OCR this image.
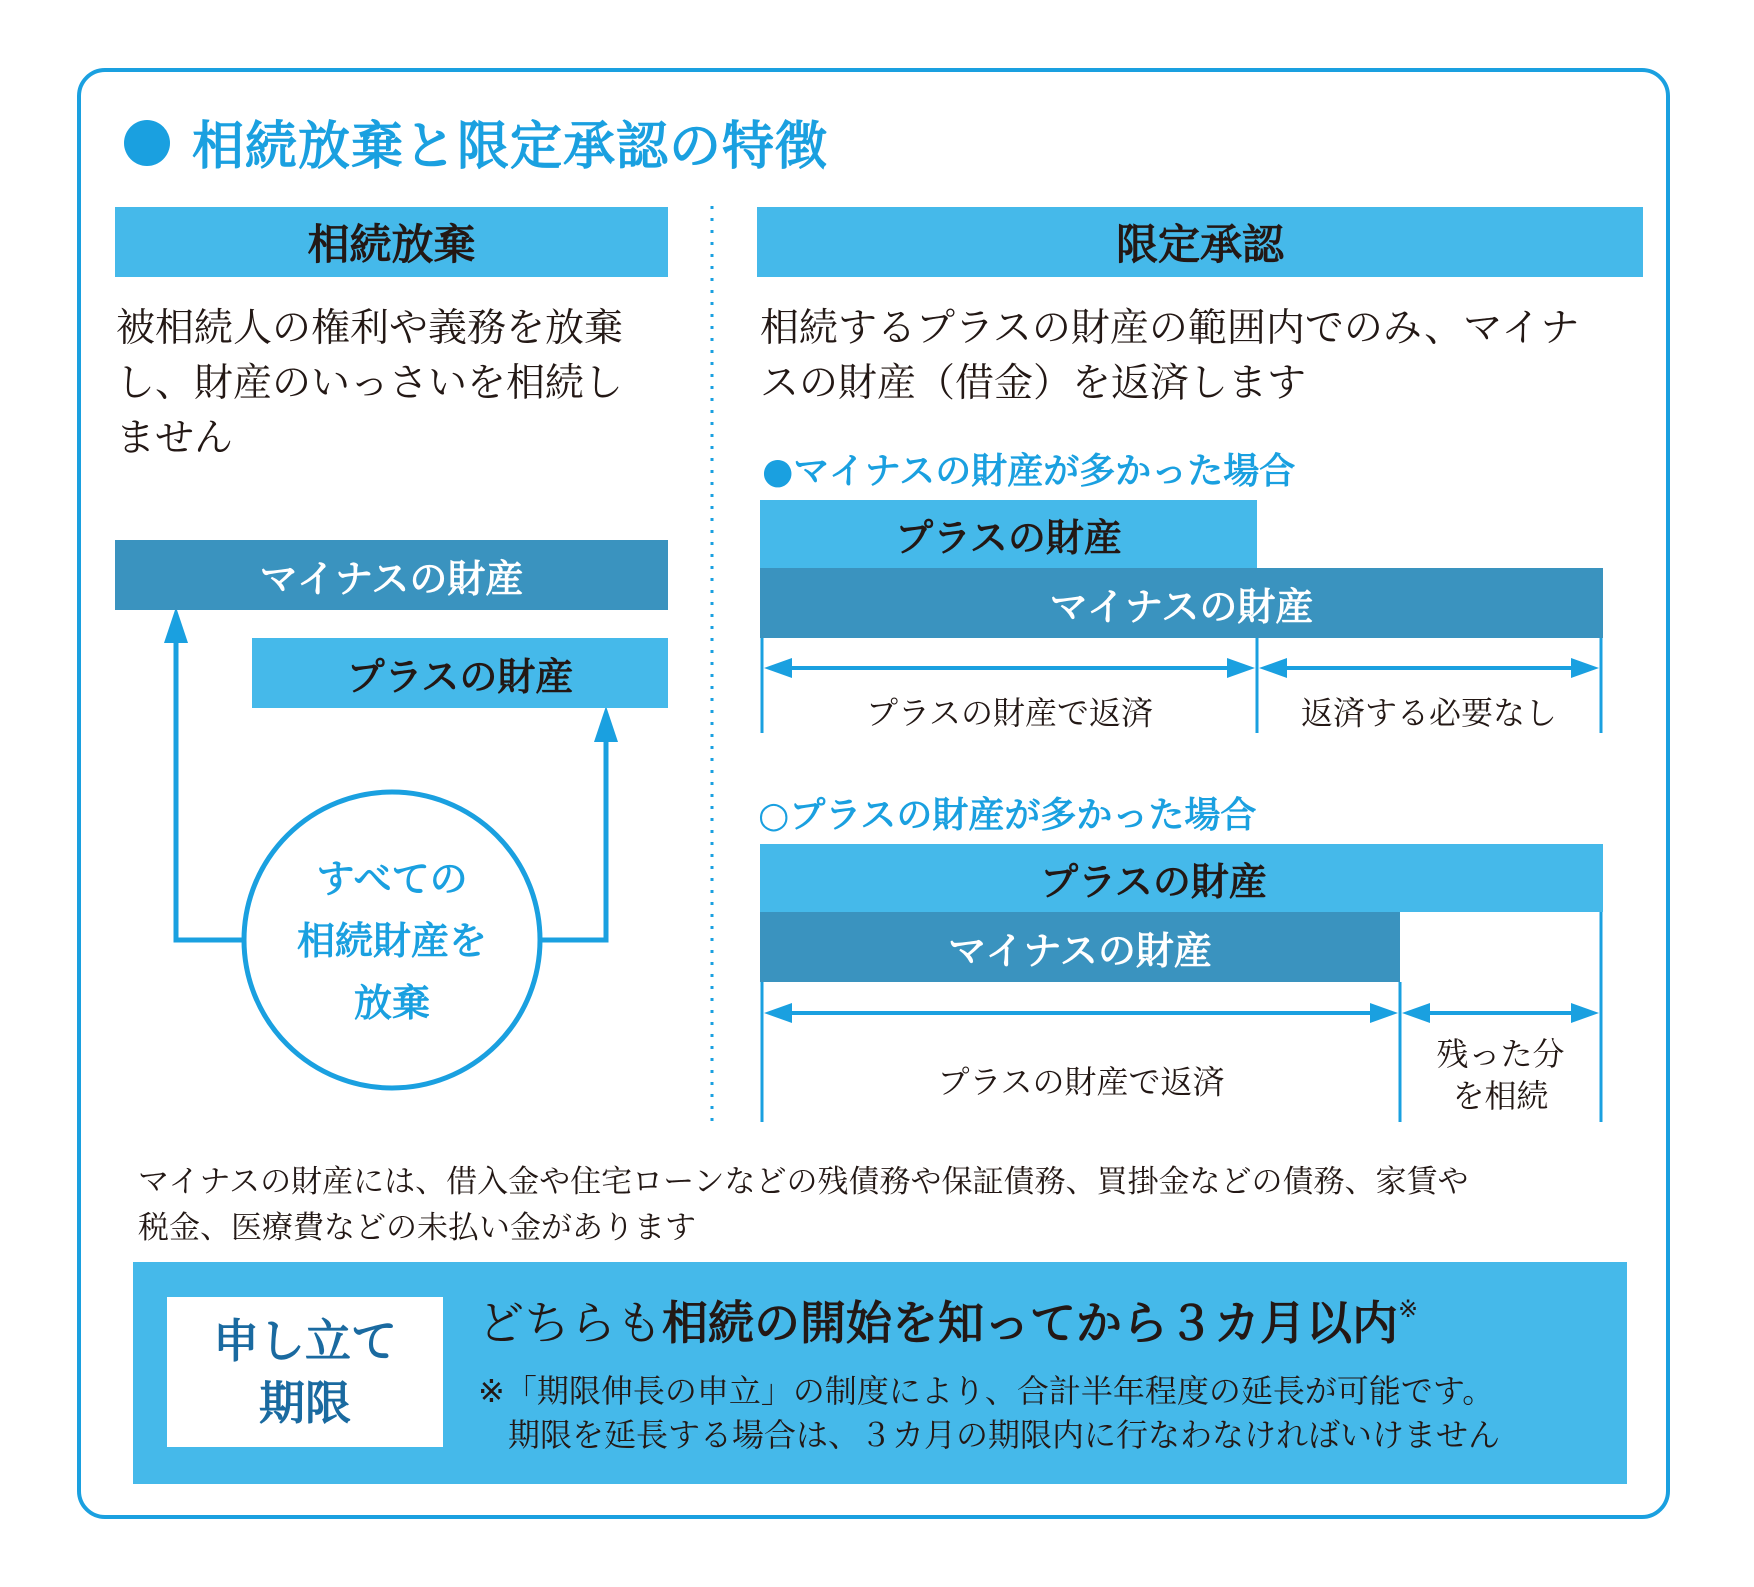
相続放棄と限定承認の特徴
相続放棄
被相続人の権利や義務を放棄
し、財産のいっさいを相続し
ません
マイナスの財産
プラスの財産
すべての
相続財産を
放棄
限定承認
相続するプラスの財産の範囲内でのみ、マイナ
スの財産（借金）を返済します
●マイナスの財産が多かった場合
プラスの財産
マイナスの財産
プラスの財産で返済	返済する必要なし
○プラスの財産が多かった場合
プラスの財産
マイナスの財産
プラスの財産で返済
残った分
を相続
マイナスの財産には、借入金や住宅ローンなどの残債務や保証債務、買掛金などの債務、家賃や
税金、医療費などの未払い金があります
申し立て
期限
どちらも相続の開始を知ってから３カ月以内※
※「期限伸長の申立」の制度により、合計半年程度の延長が可能です。
期限を延長する場合は、３カ月の期限内に行なわなければいけません
